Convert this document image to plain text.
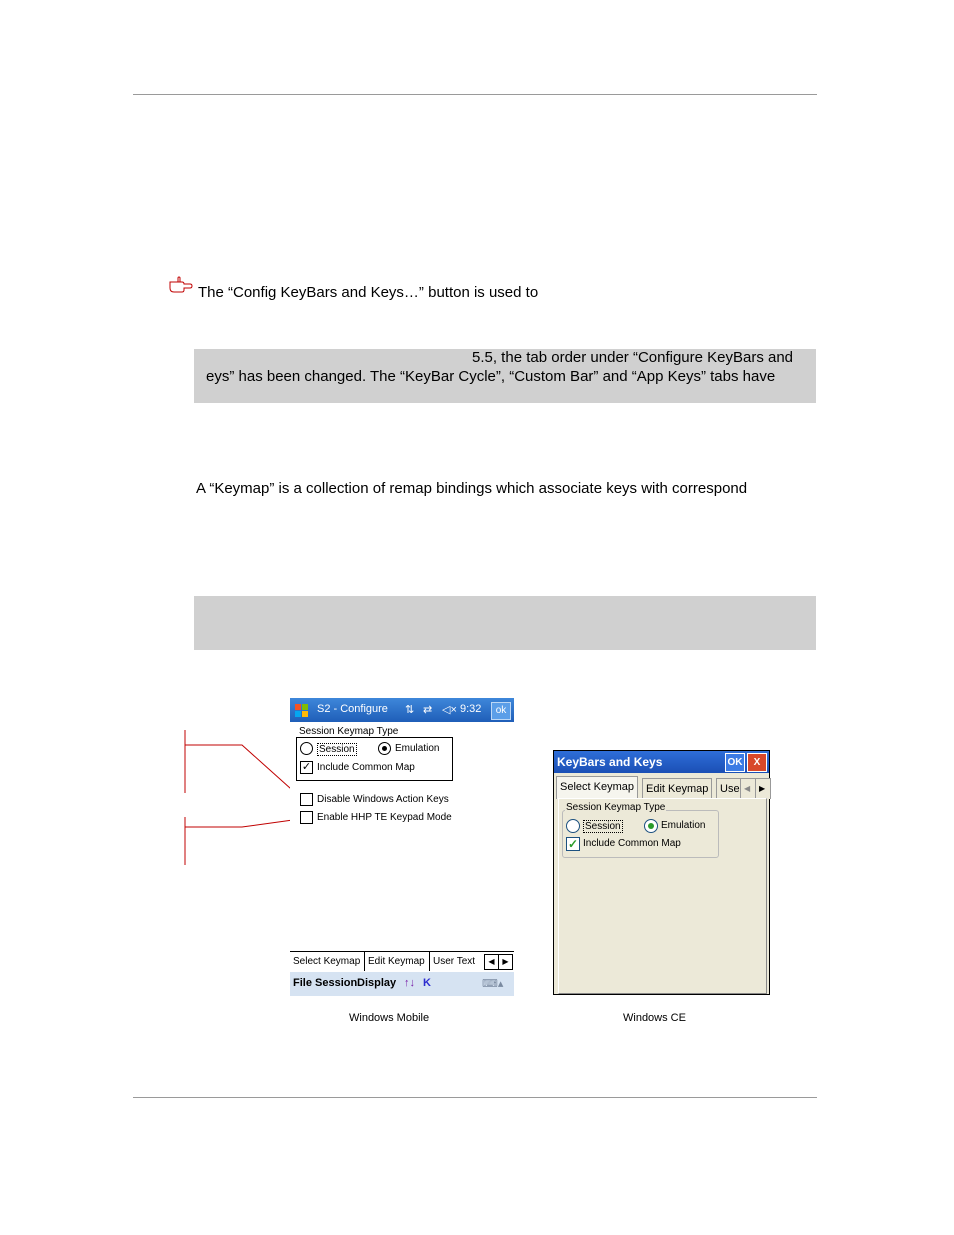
The “Config KeyBars and Keys…” button is used to
5.5, the tab order under “Configure KeyBars and
eys” has been changed. The “KeyBar Cycle”, “Custom Bar” and “App Keys” tabs have
A “Keymap” is a collection of remap bindings which associate keys with correspond
S2 - Configure ⇅ ⇄ ◁× 9:32	ok
Session Keymap Type
Session	Emulation
✓ Include Common Map
Disable Windows Action Keys
Enable HHP TE Keypad Mode
Select Keymap Edit Keymap User Text	◀ ▶
File Session Display ↑↓ K	⌨▴
Windows Mobile
KeyBars and Keys	OK	X
Select Keymap	Edit Keymap	Use ◀	▶
Session Keymap Type
Session	Emulation
✓ Include Common Map
Windows CE
